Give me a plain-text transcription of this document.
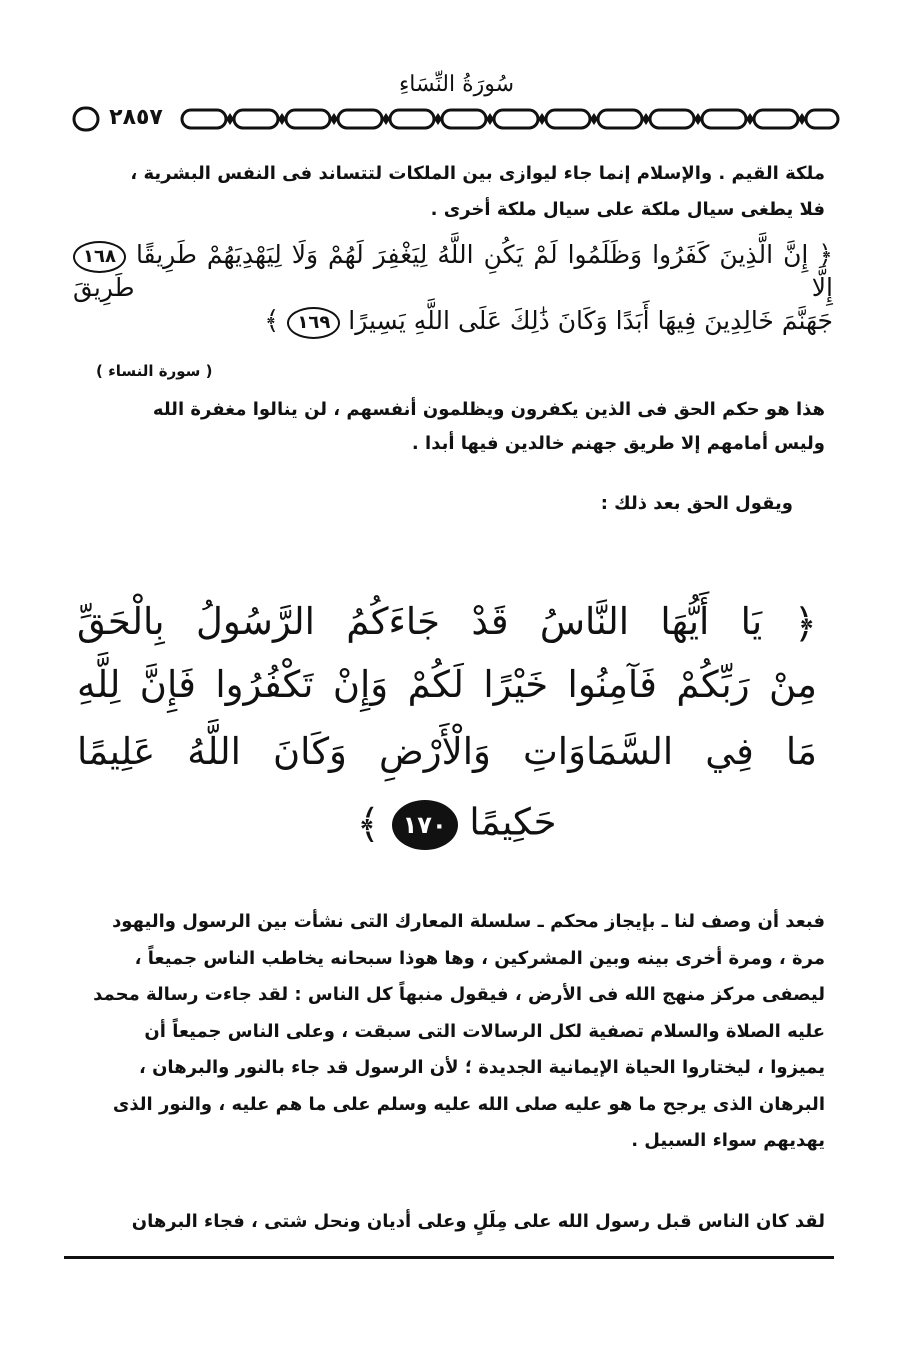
سُورَةُ النِّسَاءِ
٢٨٥٧
ملكة القيم . والإسلام إنما جاء ليوازى بين الملكات لتتساند فى النفس البشرية ،
فلا يطغى سيال ملكة على سيال ملكة أخرى .
﴿ إِنَّ الَّذِينَ كَفَرُوا وَظَلَمُوا لَمْ يَكُنِ اللَّهُ لِيَغْفِرَ لَهُمْ وَلَا لِيَهْدِيَهُمْ طَرِيقًا ١٦٨ إِلَّا طَرِيقَ
جَهَنَّمَ خَالِدِينَ فِيهَا أَبَدًا وَكَانَ ذَٰلِكَ عَلَى اللَّهِ يَسِيرًا ١٦٩ ﴾
( سورة النساء )
هذا هو حكم الحق فى الذين يكفرون ويظلمون أنفسهم ، لن ينالوا مغفرة الله
وليس أمامهم إلا طريق جهنم خالدين فيها أبدا .
ويقول الحق بعد ذلك :
﴿ يَا أَيُّهَا النَّاسُ قَدْ جَاءَكُمُ الرَّسُولُ بِالْحَقِّ
مِنْ رَبِّكُمْ فَآمِنُوا خَيْرًا لَكُمْ وَإِنْ تَكْفُرُوا فَإِنَّ لِلَّهِ
مَا فِي السَّمَاوَاتِ وَالْأَرْضِ وَكَانَ اللَّهُ عَلِيمًا
حَكِيمًا ١٧٠ ﴾
فبعد أن وصف لنا ـ بإيجاز محكم ـ سلسلة المعارك التى نشأت بين الرسول واليهود
مرة ، ومرة أخرى بينه وبين المشركين ، وها هوذا سبحانه يخاطب الناس جميعاً ،
ليصفى مركز منهج الله فى الأرض ، فيقول منبهاً كل الناس : لقد جاءت رسالة محمد
عليه الصلاة والسلام تصفية لكل الرسالات التى سبقت ، وعلى الناس جميعاً أن
يميزوا ، ليختاروا الحياة الإيمانية الجديدة ؛ لأن الرسول قد جاء بالنور والبرهان ،
البرهان الذى يرجح ما هو عليه صلى الله عليه وسلم على ما هم عليه ، والنور الذى
يهديهم سواء السبيل .
لقد كان الناس قبل رسول الله على مِلَلٍ وعلى أديان ونحل شتى ، فجاء البرهان
